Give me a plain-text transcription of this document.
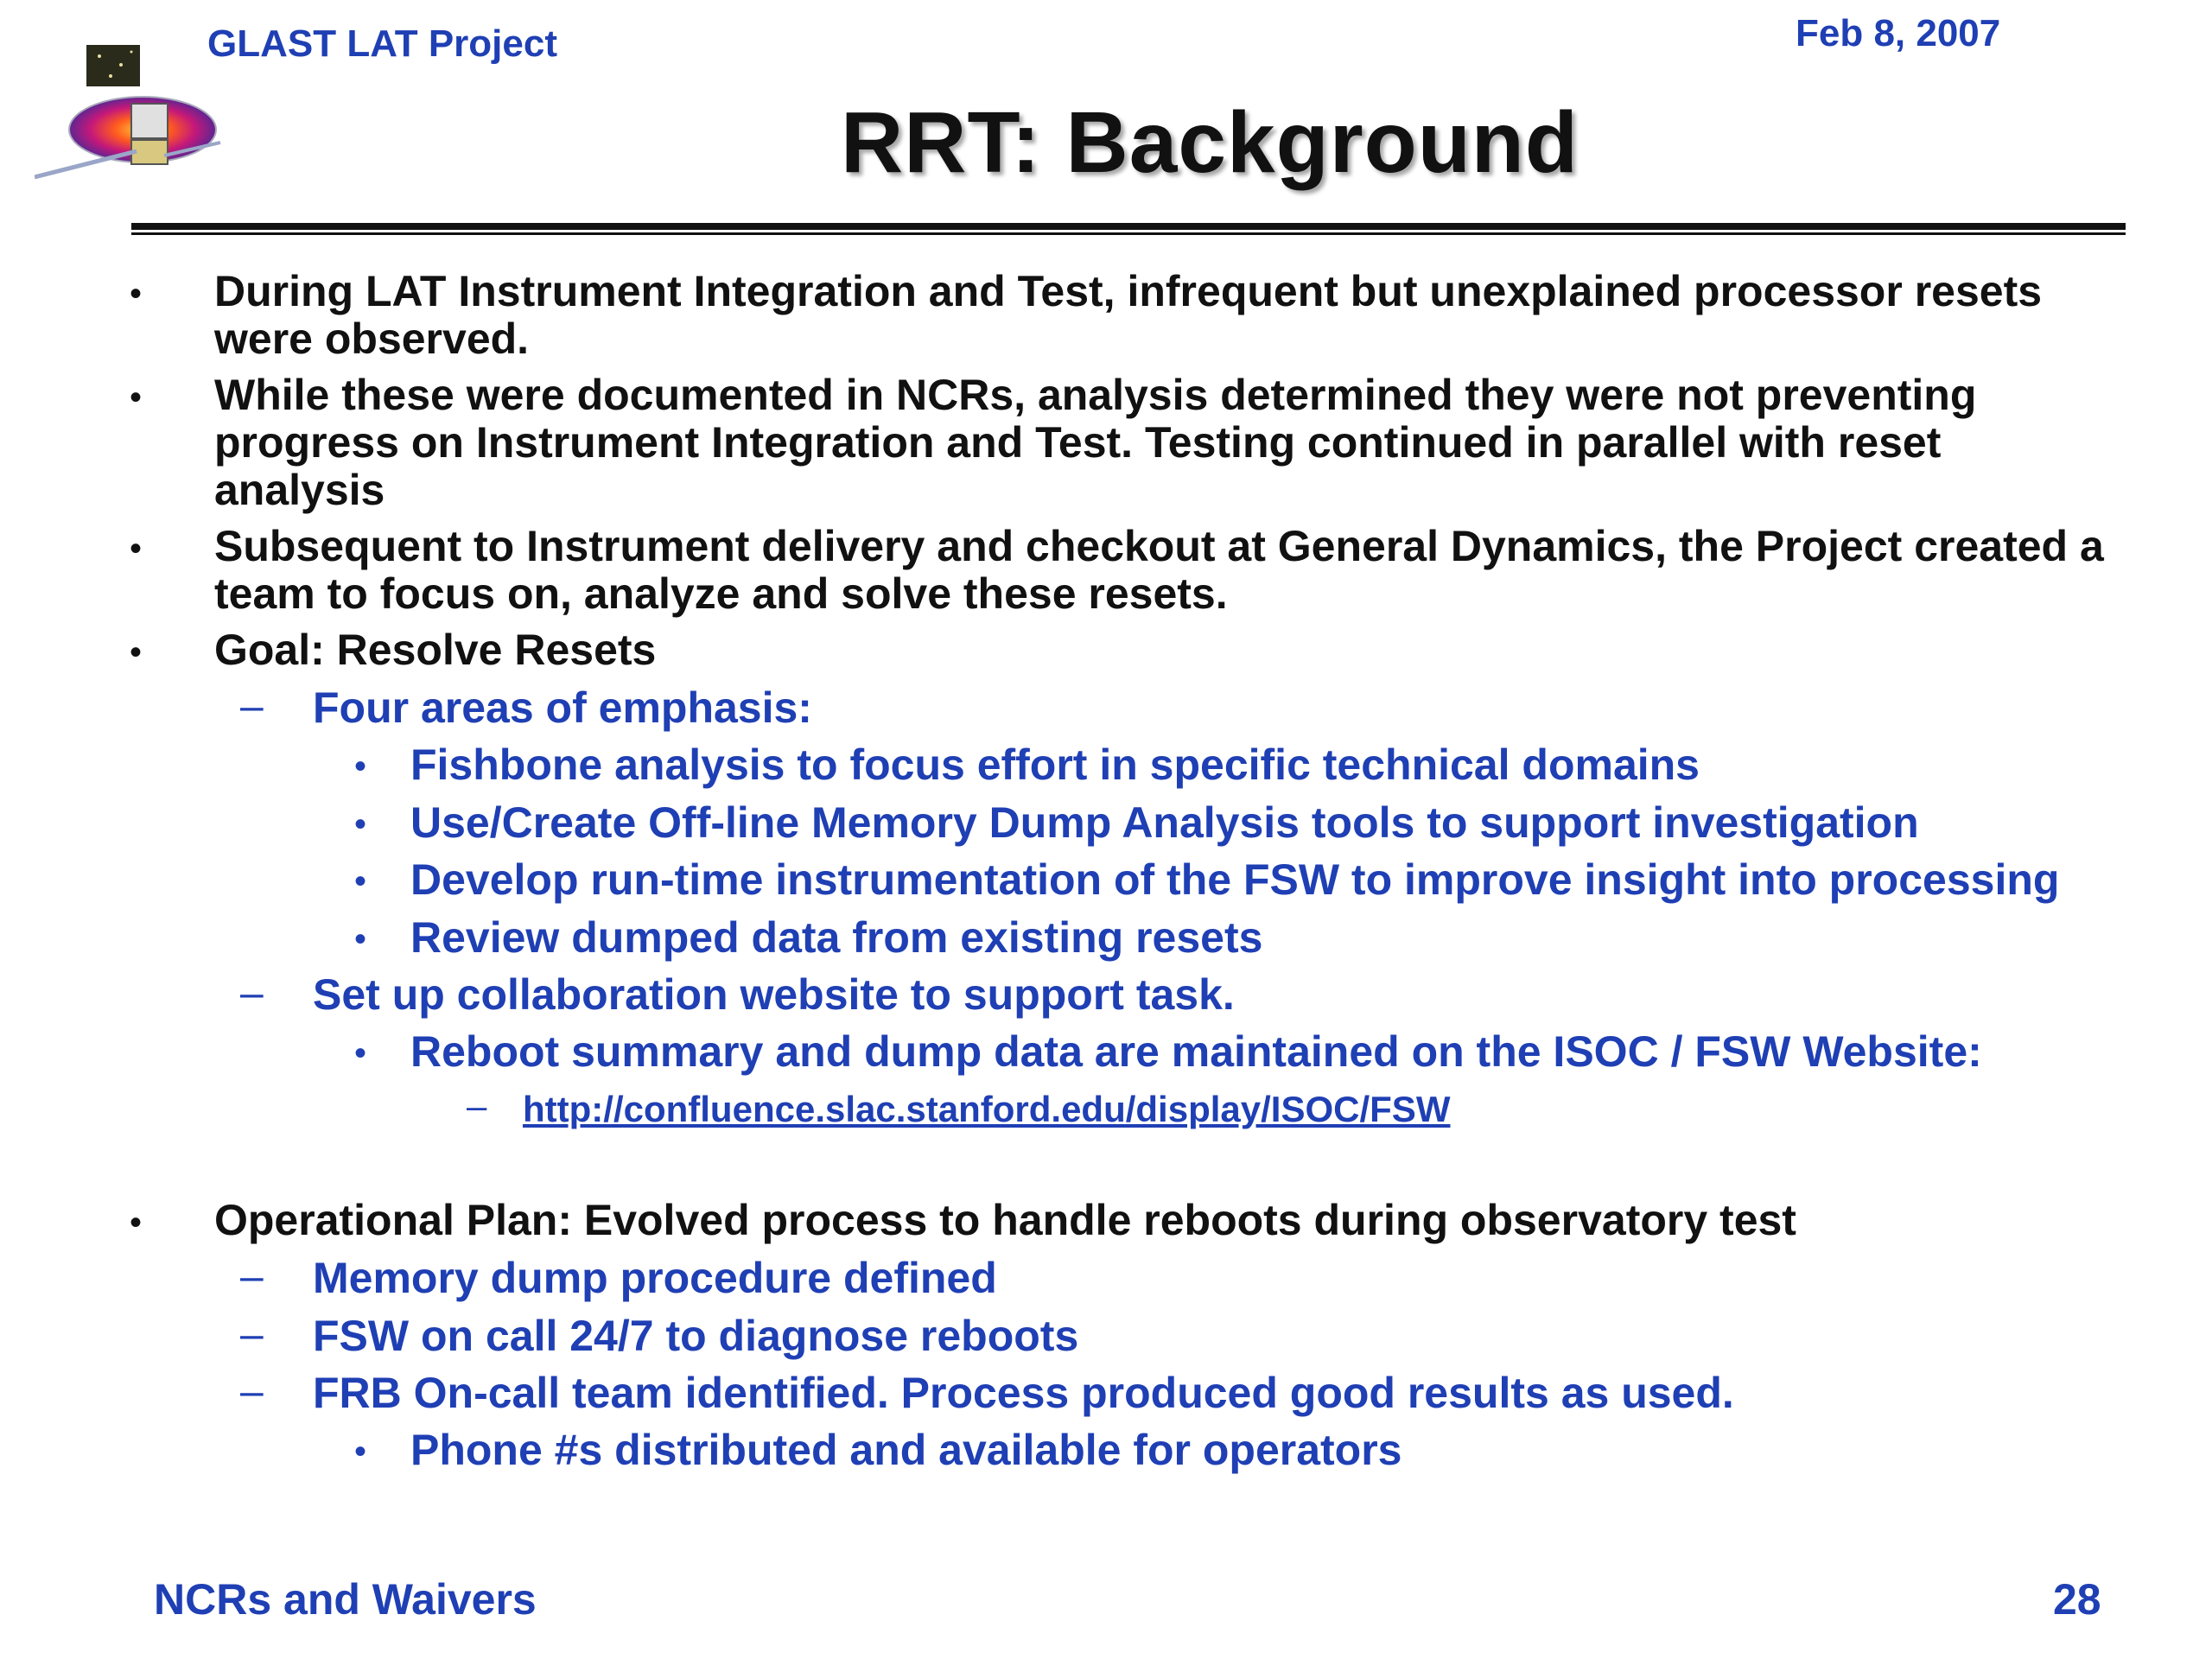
GLAST LAT Project	Feb 8, 2007
RRT: Background
• During LAT Instrument Integration and Test, infrequent but unexplained processor resets
were observed.
• While these were documented in NCRs, analysis determined they were not preventing
progress on Instrument Integration and Test. Testing continued in parallel with reset
analysis
• Subsequent to Instrument delivery and checkout at General Dynamics, the Project created a
team to focus on, analyze and solve these resets.
• Goal: Resolve Resets
– Four areas of emphasis:
• Fishbone analysis to focus effort in specific technical domains
• Use/Create Off-line Memory Dump Analysis tools to support investigation
• Develop run-time instrumentation of the FSW to improve insight into processing
• Review dumped data from existing resets
– Set up collaboration website to support task.
• Reboot summary and dump data are maintained on the ISOC / FSW Website:
– http://confluence.slac.stanford.edu/display/ISOC/FSW
• Operational Plan: Evolved process to handle reboots during observatory test
– Memory dump procedure defined
– FSW on call 24/7 to diagnose reboots
– FRB On-call team identified. Process produced good results as used.
• Phone #s distributed and available for operators
NCRs and Waivers	28
